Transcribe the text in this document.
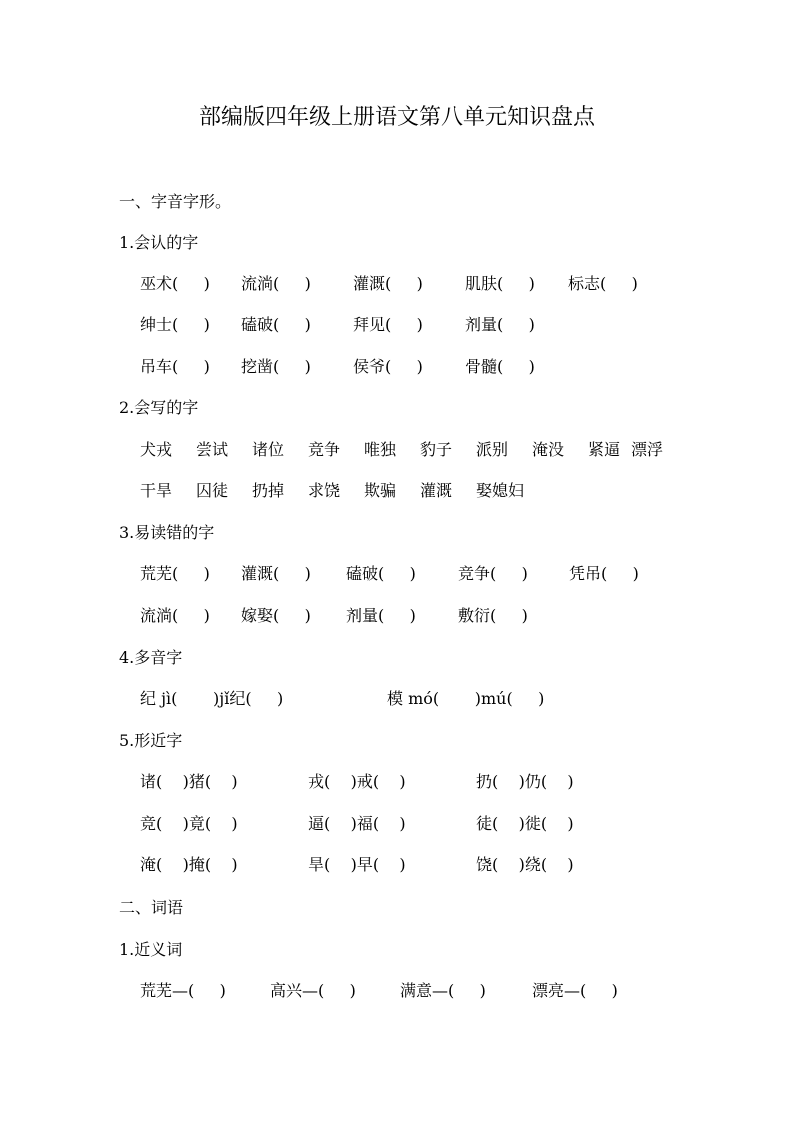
部编版四年级上册语文第八单元知识盘点
一、字音字形。
1.会认的字
巫术(     )	流淌(     )	灌溉(     )	肌肤(     )	标志(     )
绅士(     )	磕破(     )	拜见(     )	剂量(     )
吊车(     )	挖凿(     )	侯爷(     )	骨髓(     )
2.会写的字
犬戎	尝试	诸位	竞争	唯独	豹子	派别	淹没	紧逼 漂浮
干旱	囚徒	扔掉	求饶	欺骗	灌溉	娶媳妇
3.易读错的字
荒芜(     )	灌溉(     )	磕破(     )	竞争(     )	凭吊(     )
流淌(     )	嫁娶(     )	剂量(     )	敷衍(     )
4.多音字
纪 jì(       )jǐ纪(     )	模 mó(       )mú(     )
5.形近字
诸(    )猪(    )	戎(    )戒(    )	扔(    )仍(    )
竞(    )竟(    )	逼(    )福(    )	徒(    )徙(    )
淹(    )掩(    )	旱(    )早(    )	饶(    )绕(    )
二、词语
1.近义词
荒芜—(     )	高兴—(     )	满意—(     )	漂亮—(     )
